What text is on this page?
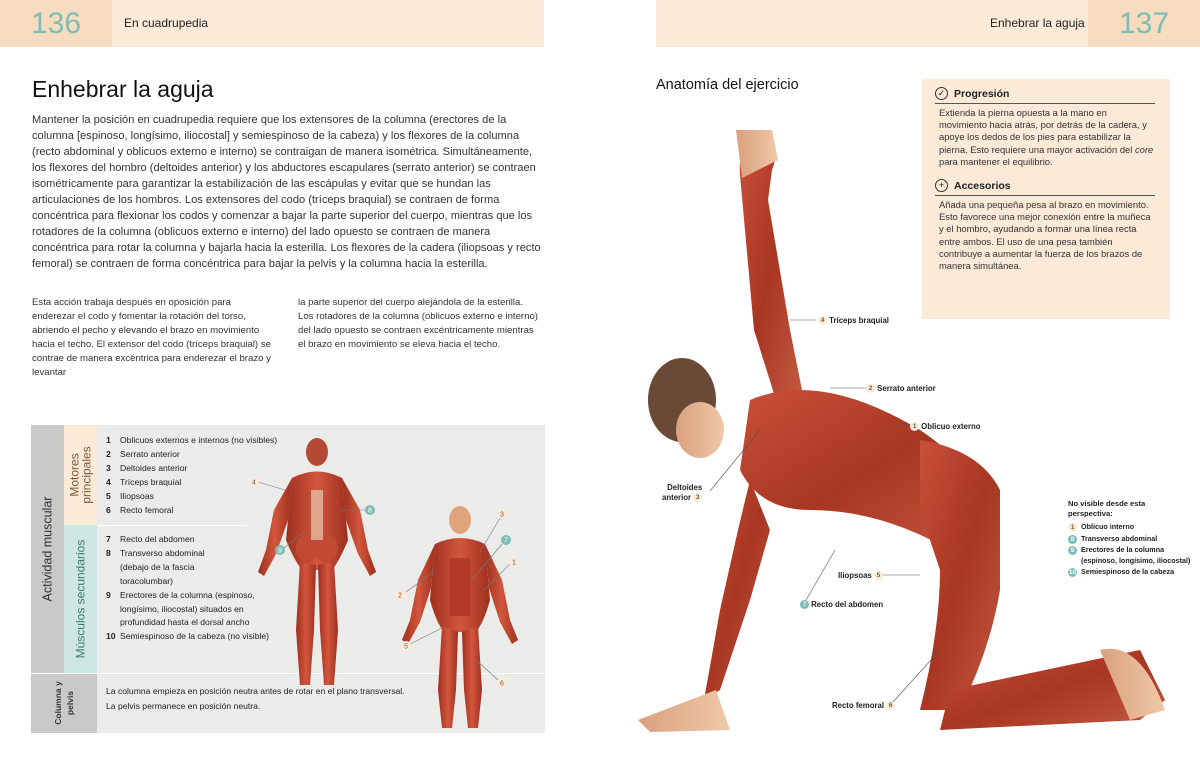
136	137
En cuadrupedia	Enhebrar la aguja
Enhebrar la aguja

Mantener la posición en cuadrupedia requiere que los extensores de la columna (erectores de la columna [espinoso, longísimo, iliocostal] y semiespinoso de la cabeza) y los flexores de la columna (recto abdominal y oblicuos externo e interno) se contraigan de manera isométrica. Simultáneamente, los flexores del hombro (deltoides anterior) y los abductores escapulares (serrato anterior) se contraen isométricamente para garantizar la estabilización de las escápulas y evitar que se hundan las articulaciones de los hombros. Los extensores del codo (tríceps braquial) se contraen de forma concéntrica para flexionar los codos y comenzar a bajar la parte superior del cuerpo, mientras que los rotadores de la columna (oblicuos externo e interno) del lado opuesto se contraen de manera concéntrica para rotar la columna y bajarla hacia la esterilla. Los flexores de la cadera (iliopsoas y recto femoral) se contraen de forma concéntrica para bajar la pelvis y la columna hacia la esterilla.

Esta acción trabaja después en oposición para enderezar el codo y fomentar la rotación del torso, abriendo el pecho y elevando el brazo en movimiento hacia el techo. El extensor del codo (tríceps braquial) se contrae de manera excéntrica para enderezar el brazo y levantar

la parte superior del cuerpo alejándola de la esterilla. Los rotadores de la columna (oblicuos externo e interno) del lado opuesto se contraen excéntricamente mientras el brazo en movimiento se eleva hacia el techo.

Actividad muscular
Motores principales
Músculos secundarios
Columna y pelvis
1	Oblicuos externos e internos (no visibles)
2	Serrato anterior
3	Deltoides anterior
4	Tríceps braquial
5	Iliopsoas
6	Recto femoral
7	Recto del abdomen
8	Transverso abdominal (debajo de la fascia toracolumbar)
9	Erectores de la columna (espinoso, longísimo, iliocostal) situados en profundidad hasta el dorsal ancho
10 Semiespinoso de la cabeza (no visible)
La columna empieza en posición neutra antes de rotar en el plano transversal.
La pelvis permanece en posición neutra.
4
8
9
3
7
1
2
5
6
Anatomía del ejercicio	✓ Progresión

Extienda la pierna opuesta a la mano en movimiento hacia atrás, por detrás de la cadera, y apoye los dedos de los pies para estabilizar la pierna. Esto requiere una mayor activación del core para mantener el equilibrio.

+ Accesorios

Añada una pequeña pesa al brazo en movimiento. Esto favorece una mejor conexión entre la muñeca y el hombro, ayudando a formar una línea recta entre ambos. El uso de una pesa también contribuye a aumentar la fuerza de los brazos de manera simultánea.

4 Tríceps braquial
2 Serrato anterior
1 Oblicuo externo
Deltoides
anterior 3
Iliopsoas 5
7 Recto del abdomen
Recto femoral 6
No visible desde esta perspectiva:
1 Oblicuo interno
8 Transverso abdominal
9 Erectores de la columna (espinoso, longísimo, iliocostal)
10 Semiespinoso de la cabeza
